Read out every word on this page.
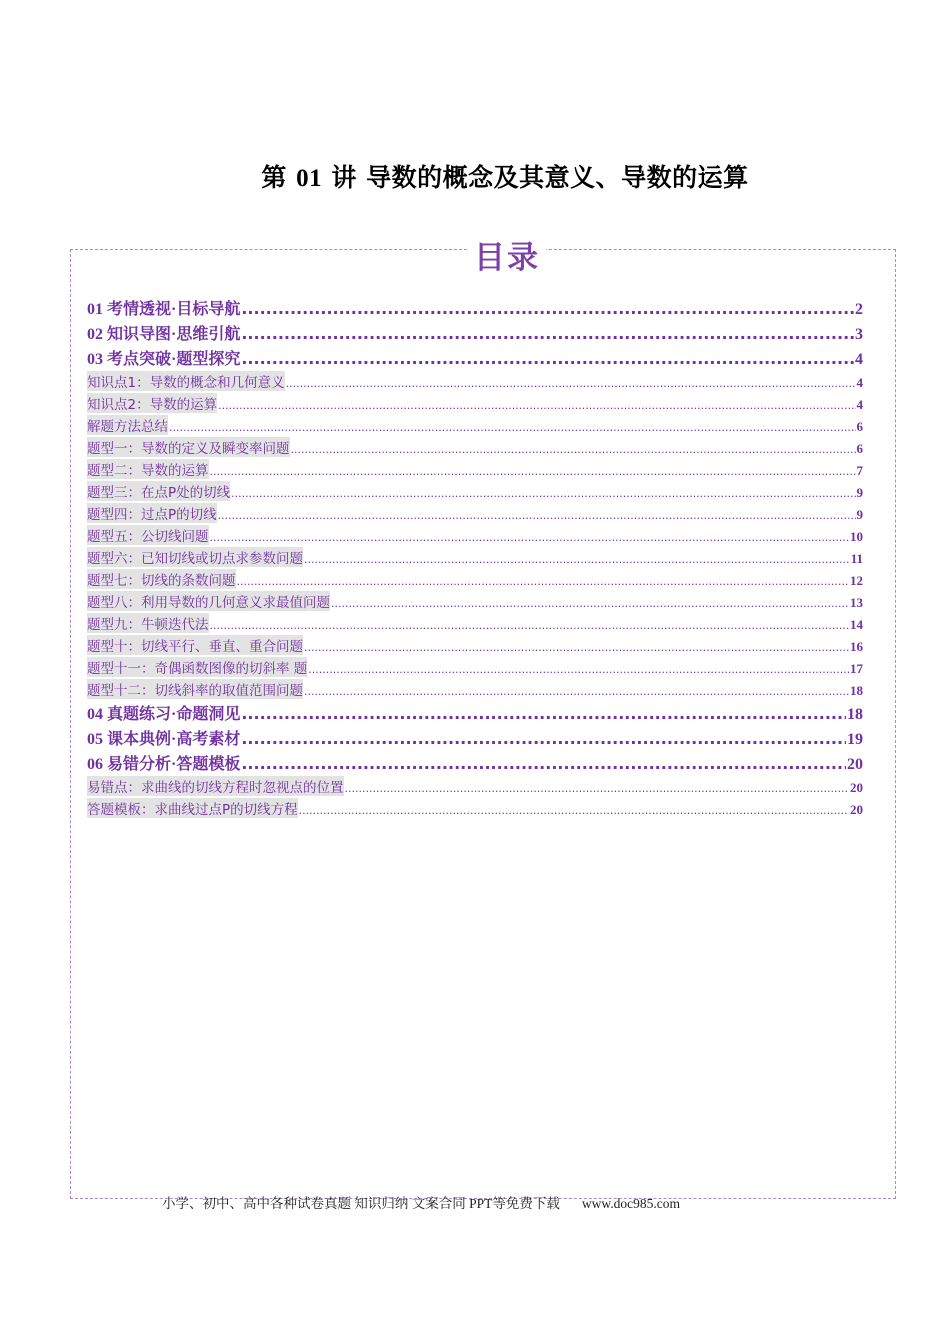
第 01 讲 导数的概念及其意义、导数的运算
目录
01 考情透视·目标导航 .....	2
02 知识导图·思维引航 .....	3
03 考点突破·题型探究 .....	4
知识点1：导数的概念和几何意义 .....	4
知识点2：导数的运算 .....	4
解题方法总结 .....	6
题型一：导数的定义及瞬变率问题 .....	6
题型二：导数的运算 .....	7
题型三：在点P处的切线 .....	9
题型四：过点P的切线 .....	9
题型五：公切线问题 .....	10
题型六：已知切线或切点求参数问题 .....	11
题型七：切线的条数问题 .....	12
题型八：利用导数的几何意义求最值问题 .....	13
题型九：牛顿迭代法 .....	14
题型十：切线平行、垂直、重合问题 .....	16
题型十一：奇偶函数图像的切斜率 题 .....	17
题型十二：切线斜率的取值范围问题 .....	18
04 真题练习·命题洞见 .....	18
05 课本典例·高考素材 .....	19
06 易错分析·答题模板 .....	20
易错点：求曲线的切线方程时忽视点的位置 .....	20
答题模板：求曲线过点P的切线方程 .....	20
小学、初中、高中各种试卷真题 知识归纳 文案合同 PPT等免费下载 www.doc985.com
